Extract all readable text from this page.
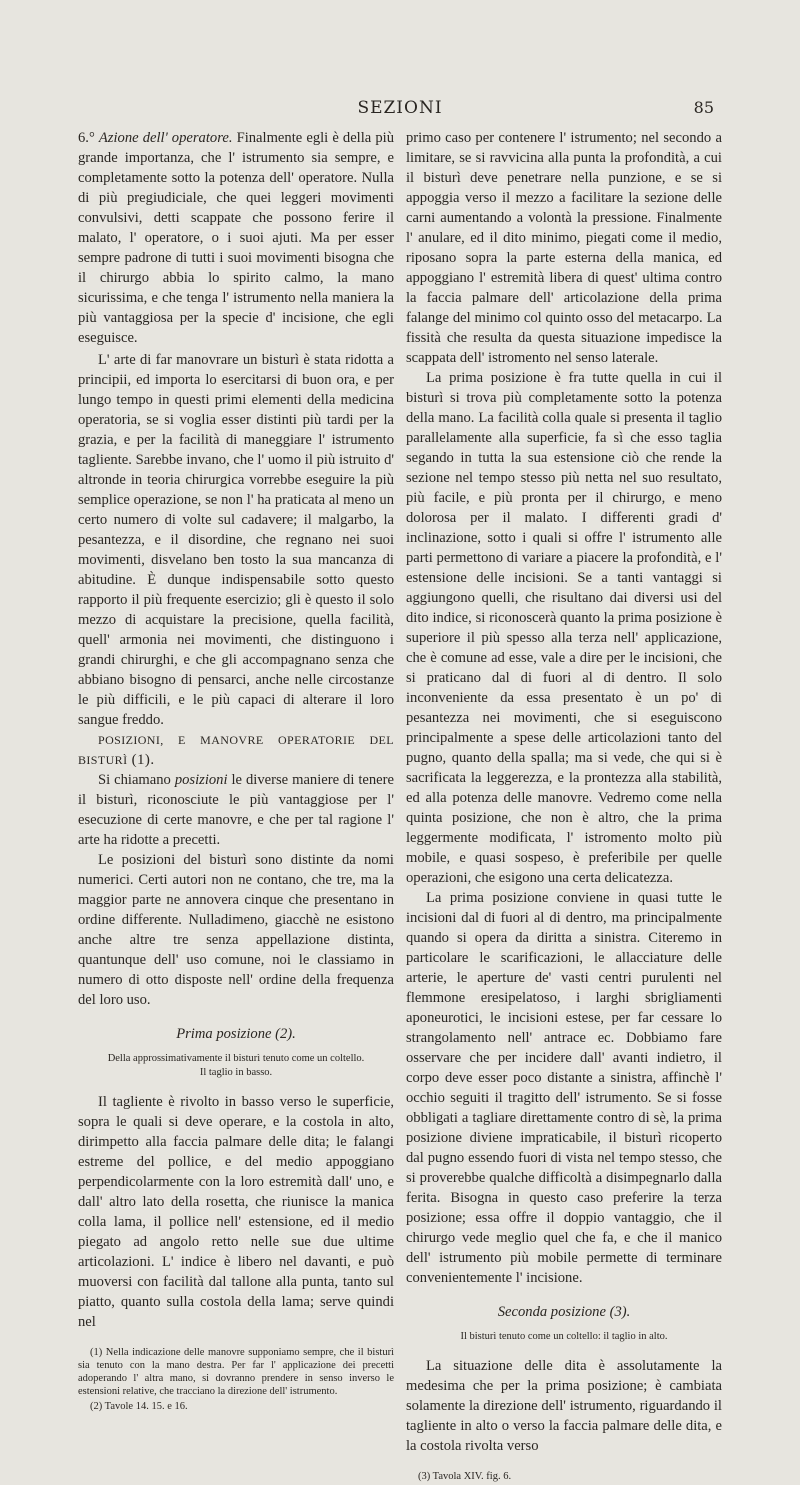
SEZIONI	85

6.° Azione dell' operatore. Finalmente egli è della più grande importanza, che l' istrumento sia sempre, e completamente sotto la potenza dell' operatore. Nulla di più pregiudiciale, che quei leggeri movimenti convulsivi, detti scappate che possono ferire il malato, l' operatore, o i suoi ajuti. Ma per esser sempre padrone di tutti i suoi movimenti bisogna che il chirurgo abbia lo spirito calmo, la mano sicurissima, e che tenga l' istrumento nella maniera la più vantaggiosa per la specie d' incisione, che egli eseguisce.

L' arte di far manovrare un bisturì è stata ridotta a principii, ed importa lo esercitarsi di buon ora, e per lungo tempo in questi primi elementi della medicina operatoria, se si voglia esser distinti più tardi per la grazia, e per la facilità di maneggiare l' istrumento tagliente. Sarebbe invano, che l' uomo il più istruito d' altronde in teoria chirurgica vorrebbe eseguire la più semplice operazione, se non l' ha praticata al meno un certo numero di volte sul cadavere; il malgarbo, la pesantezza, e il disordine, che regnano nei suoi movimenti, disvelano ben tosto la sua mancanza di abitudine. È dunque indispensabile sotto questo rapporto il più frequente esercizio; gli è questo il solo mezzo di acquistare la precisione, quella facilità, quell' armonia nei movimenti, che distinguono i grandi chirurghi, e che gli accompagnano senza che abbiano bisogno di pensarci, anche nelle circostanze le più difficili, e le più capaci di alterare il loro sangue freddo.

POSIZIONI, E MANOVRE OPERATORIE DEL BISTURÌ (1).

Si chiamano posizioni le diverse maniere di tenere il bisturì, riconosciute le più vantaggiose per l' esecuzione di certe manovre, e che per tal ragione l' arte ha ridotte a precetti.

Le posizioni del bisturì sono distinte da nomi numerici. Certi autori non ne contano, che tre, ma la maggior parte ne annovera cinque che presentano in ordine differente. Nulladimeno, giacchè ne esistono anche altre tre senza appellazione distinta, quantunque dell' uso comune, noi le classiamo in numero di otto disposte nell' ordine della frequenza del loro uso.

Prima posizione (2).
Della approssimativamente il bisturì tenuto come un coltello.
Il taglio in basso.

Il tagliente è rivolto in basso verso le superficie, sopra le quali si deve operare, e la costola in alto, dirimpetto alla faccia palmare delle dita; le falangi estreme del pollice, e del medio appoggiano perpendicolarmente con la loro estremità dall' uno, e dall' altro lato della rosetta, che riunisce la manica colla lama, il pollice nell' estensione, ed il medio piegato ad angolo retto nelle sue due ultime articolazioni. L' indice è libero nel davanti, e può muoversi con facilità dal tallone alla punta, tanto sul piatto, quanto sulla costola della lama; serve quindi nel

(1) Nella indicazione delle manovre supponiamo sempre, che il bisturì sia tenuto con la mano destra. Per far l' applicazione dei precetti adoperando l' altra mano, si dovranno prendere in senso inverso le estensioni relative, che tracciano la direzione dell' istrumento.

(2) Tavole 14. 15. e 16.

primo caso per contenere l' istrumento; nel secondo a limitare, se si ravvicina alla punta la profondità, a cui il bisturì deve penetrare nella punzione, e se si appoggia verso il mezzo a facilitare la sezione delle carni aumentando a volontà la pressione. Finalmente l' anulare, ed il dito minimo, piegati come il medio, riposano sopra la parte esterna della manica, ed appoggiano l' estremità libera di quest' ultima contro la faccia palmare dell' articolazione della prima falange del minimo col quinto osso del metacarpo. La fissità che resulta da questa situazione impedisce la scappata dell' istromento nel senso laterale.

La prima posizione è fra tutte quella in cui il bisturì si trova più completamente sotto la potenza della mano. La facilità colla quale si presenta il taglio parallelamente alla superficie, fa sì che esso taglia segando in tutta la sua estensione ciò che rende la sezione nel tempo stesso più netta nel suo resultato, più facile, e più pronta per il chirurgo, e meno dolorosa per il malato. I differenti gradi d' inclinazione, sotto i quali si offre l' istrumento alle parti permettono di variare a piacere la profondità, e l' estensione delle incisioni. Se a tanti vantaggi si aggiungono quelli, che risultano dai diversi usi del dito indice, si riconoscerà quanto la prima posizione è superiore il più spesso alla terza nell' applicazione, che è comune ad esse, vale a dire per le incisioni, che si praticano dal di fuori al di dentro. Il solo inconveniente da essa presentato è un po' di pesantezza nei movimenti, che si eseguiscono principalmente a spese delle articolazioni tanto del pugno, quanto della spalla; ma si vede, che qui si è sacrificata la leggerezza, e la prontezza alla stabilità, ed alla potenza delle manovre. Vedremo come nella quinta posizione, che non è altro, che la prima leggermente modificata, l' istromento molto più mobile, e quasi sospeso, è preferibile per quelle operazioni, che esigono una certa delicatezza.

La prima posizione conviene in quasi tutte le incisioni dal di fuori al di dentro, ma principalmente quando si opera da diritta a sinistra. Citeremo in particolare le scarificazioni, le allacciature delle arterie, le aperture de' vasti centri purulenti nel flemmone eresipelatoso, i larghi sbrigliamenti aponeurotici, le incisioni estese, per far cessare lo strangolamento nell' antrace ec. Dobbiamo fare osservare che per incidere dall' avanti indietro, il corpo deve esser poco distante a sinistra, affinchè l' occhio seguiti il tragitto dell' istrumento. Se si fosse obbligati a tagliare direttamente contro di sè, la prima posizione diviene impraticabile, il bisturì ricoperto dal pugno essendo fuori di vista nel tempo stesso, che si proverebbe qualche difficoltà a disimpegnarlo dalla ferita. Bisogna in questo caso preferire la terza posizione; essa offre il doppio vantaggio, che il chirurgo vede meglio quel che fa, e che il manico dell' istrumento più mobile permette di terminare convenientemente l' incisione.

Seconda posizione (3).
Il bisturì tenuto come un coltello: il taglio in alto.

La situazione delle dita è assolutamente la medesima che per la prima posizione; è cambiata solamente la direzione dell' istrumento, riguardando il tagliente in alto o verso la faccia palmare delle dita, e la costola rivolta verso

(3) Tavola XIV. fig. 6.
